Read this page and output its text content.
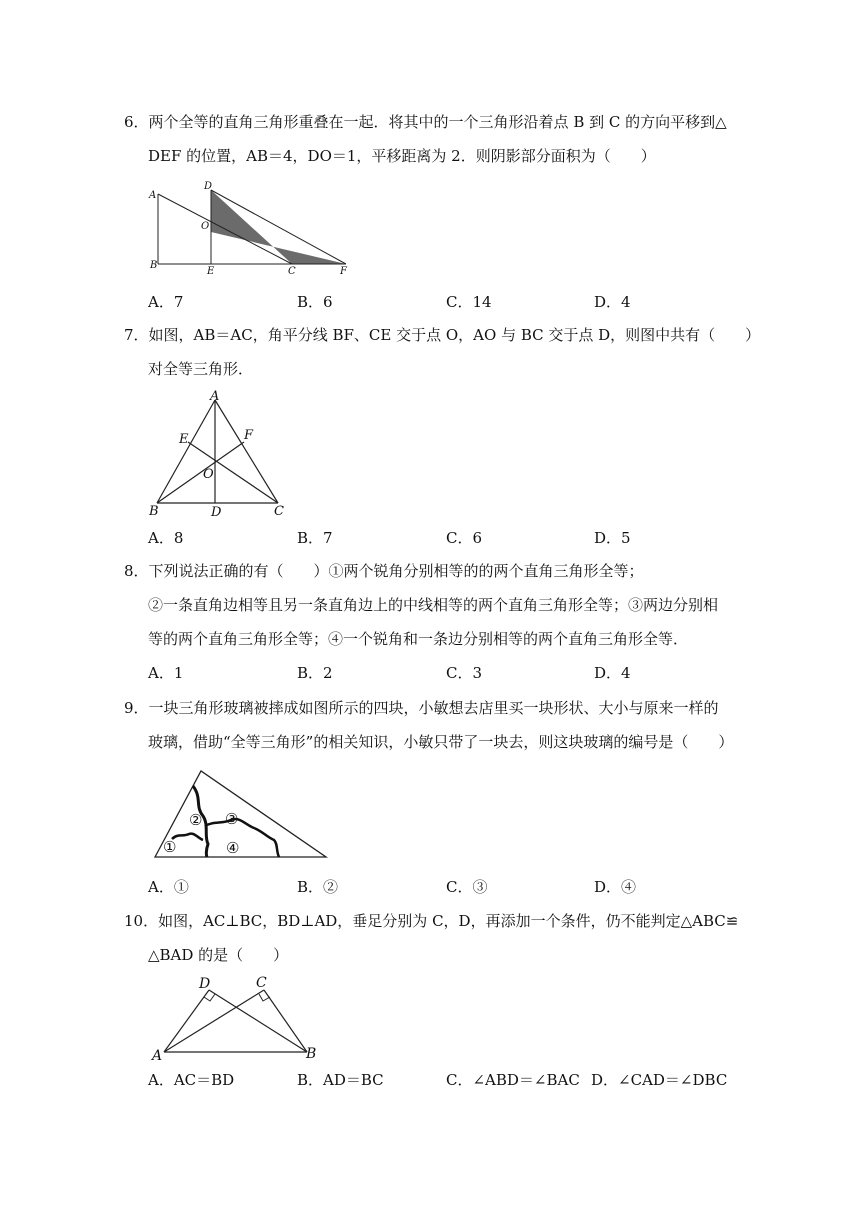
6．两个全等的直角三角形重叠在一起．将其中的一个三角形沿着点 B 到 C 的方向平移到△
DEF 的位置，AB＝4，DO＝1，平移距离为 2．则阴影部分面积为（　　）
A
B
C
D
E	F
O
A．7	B．6	C．14	D．4
7．如图，AB＝AC，角平分线 BF、CE 交于点 O，AO 与 BC 交于点 D，则图中共有（　　）
对全等三角形．
A
B	C
D
E	F
O
A．8	B．7	C．6	D．5
8．下列说法正确的有（　　）①两个锐角分别相等的的两个直角三角形全等；
②一条直角边相等且另一条直角边上的中线相等的两个直角三角形全等；③两边分别相
等的两个直角三角形全等；④一个锐角和一条边分别相等的两个直角三角形全等．
A．1	B．2	C．3	D．4
9．一块三角形玻璃被摔成如图所示的四块，小敏想去店里买一块形状、大小与原来一样的
玻璃，借助“全等三角形”的相关知识，小敏只带了一块去，则这块玻璃的编号是（　　）
①
② ③
④
A．①	B．②	C．③	D．④
10．如图，AC⊥BC，BD⊥AD，垂足分别为 C，D，再添加一个条件，仍不能判定△ABC≌
△BAD 的是（　　）
A	B
C
D
A．AC＝BD	B．AD＝BC	C．∠ABD＝∠BAC D．∠CAD＝∠DBC
